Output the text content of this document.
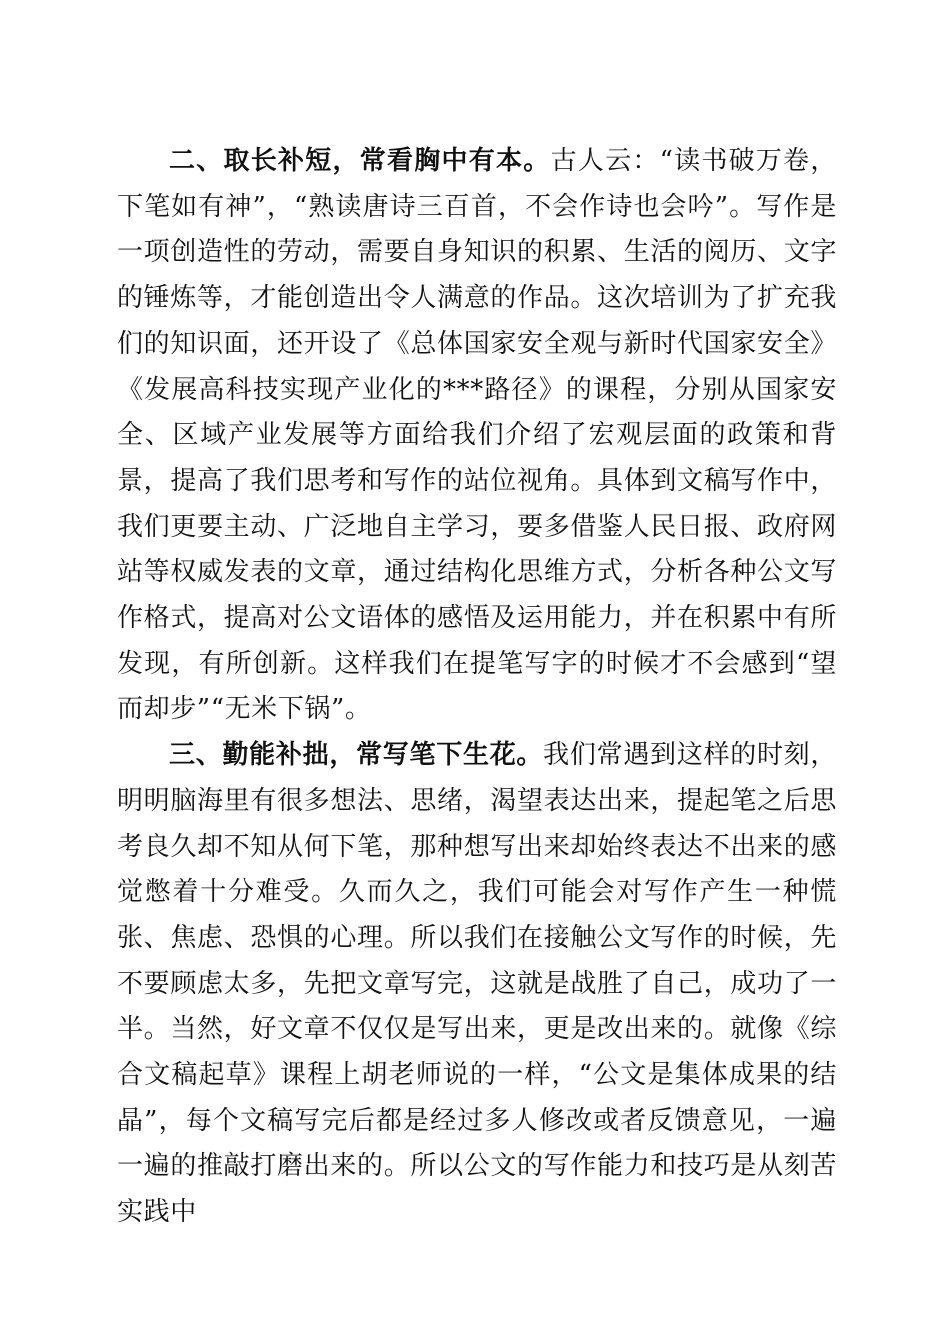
二、取长补短，常看胸中有本。古人云：“读书破万卷，下笔如有神”，“熟读唐诗三百首，不会作诗也会吟”。写作是一项创造性的劳动，需要自身知识的积累、生活的阅历、文字的锤炼等，才能创造出令人满意的作品。这次培训为了扩充我们的知识面，还开设了《总体国家安全观与新时代国家安全》《发展高科技实现产业化的***路径》的课程，分别从国家安全、区域产业发展等方面给我们介绍了宏观层面的政策和背景，提高了我们思考和写作的站位视角。具体到文稿写作中，我们更要主动、广泛地自主学习，要多借鉴人民日报、政府网站等权威发表的文章，通过结构化思维方式，分析各种公文写作格式，提高对公文语体的感悟及运用能力，并在积累中有所发现，有所创新。这样我们在提笔写字的时候才不会感到“望而却步”“无米下锅”。

三、勤能补拙，常写笔下生花。我们常遇到这样的时刻，明明脑海里有很多想法、思绪，渴望表达出来，提起笔之后思考良久却不知从何下笔，那种想写出来却始终表达不出来的感觉憋着十分难受。久而久之，我们可能会对写作产生一种慌张、焦虑、恐惧的心理。所以我们在接触公文写作的时候，先不要顾虑太多，先把文章写完，这就是战胜了自己，成功了一半。当然，好文章不仅仅是写出来，更是改出来的。就像《综合文稿起草》课程上胡老师说的一样，“公文是集体成果的结晶”，每个文稿写完后都是经过多人修改或者反馈意见，一遍一遍的推敲打磨出来的。所以公文的写作能力和技巧是从刻苦实践中
